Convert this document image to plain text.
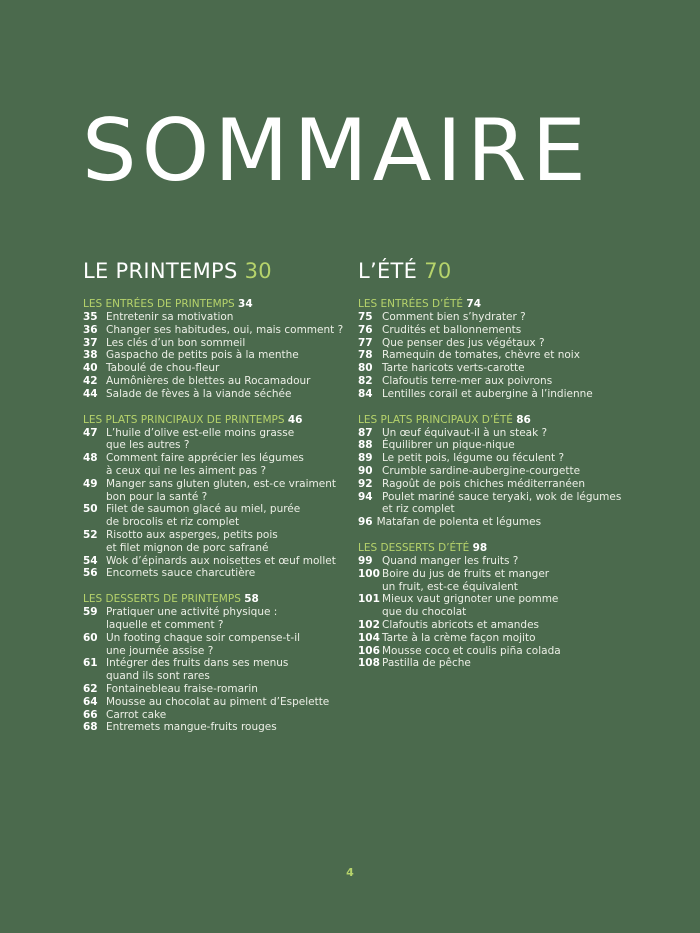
SOMMAIRE
LE PRINTEMPS 30
LES ENTRÉES DE PRINTEMPS 34
35 Entretenir sa motivation
36 Changer ses habitudes, oui, mais comment ?
37 Les clés d’un bon sommeil
38 Gaspacho de petits pois à la menthe
40 Taboulé de chou-fleur
42 Aumônières de blettes au Rocamadour
44 Salade de fèves à la viande séchée
LES PLATS PRINCIPAUX DE PRINTEMPS 46
47 L’huile d’olive est-elle moins grasse
que les autres ?
48 Comment faire apprécier les légumes
à ceux qui ne les aiment pas ?
49 Manger sans gluten gluten, est-ce vraiment
bon pour la santé ?
50 Filet de saumon glacé au miel, purée
de brocolis et riz complet
52 Risotto aux asperges, petits pois
et filet mignon de porc safrané
54 Wok d’épinards aux noisettes et œuf mollet
56 Encornets sauce charcutière
LES DESSERTS DE PRINTEMPS 58
59 Pratiquer une activité physique :
laquelle et comment ?
60 Un footing chaque soir compense-t-il
une journée assise ?
61 Intégrer des fruits dans ses menus
quand ils sont rares
62 Fontainebleau fraise-romarin
64 Mousse au chocolat au piment d’Espelette
66 Carrot cake
68 Entremets mangue-fruits rouges
L’ÉTÉ 70
LES ENTRÉES D’ÉTÉ 74
75 Comment bien s’hydrater ?
76 Crudités et ballonnements
77 Que penser des jus végétaux ?
78 Ramequin de tomates, chèvre et noix
80 Tarte haricots verts-carotte
82 Clafoutis terre-mer aux poivrons
84 Lentilles corail et aubergine à l’indienne
LES PLATS PRINCIPAUX D’ÉTÉ 86
87 Un œuf équivaut-il à un steak ?
88 Équilibrer un pique-nique
89 Le petit pois, légume ou féculent ?
90 Crumble sardine-aubergine-courgette
92 Ragoût de pois chiches méditerranéen
94 Poulet mariné sauce teryaki, wok de légumes
et riz complet
96 Matafan de polenta et légumes
LES DESSERTS D’ÉTÉ 98
99 Quand manger les fruits ?
100 Boire du jus de fruits et manger
un fruit, est-ce équivalent
101 Mieux vaut grignoter une pomme
que du chocolat
102 Clafoutis abricots et amandes
104 Tarte à la crème façon mojito
106 Mousse coco et coulis piña colada
108 Pastilla de pêche
4
